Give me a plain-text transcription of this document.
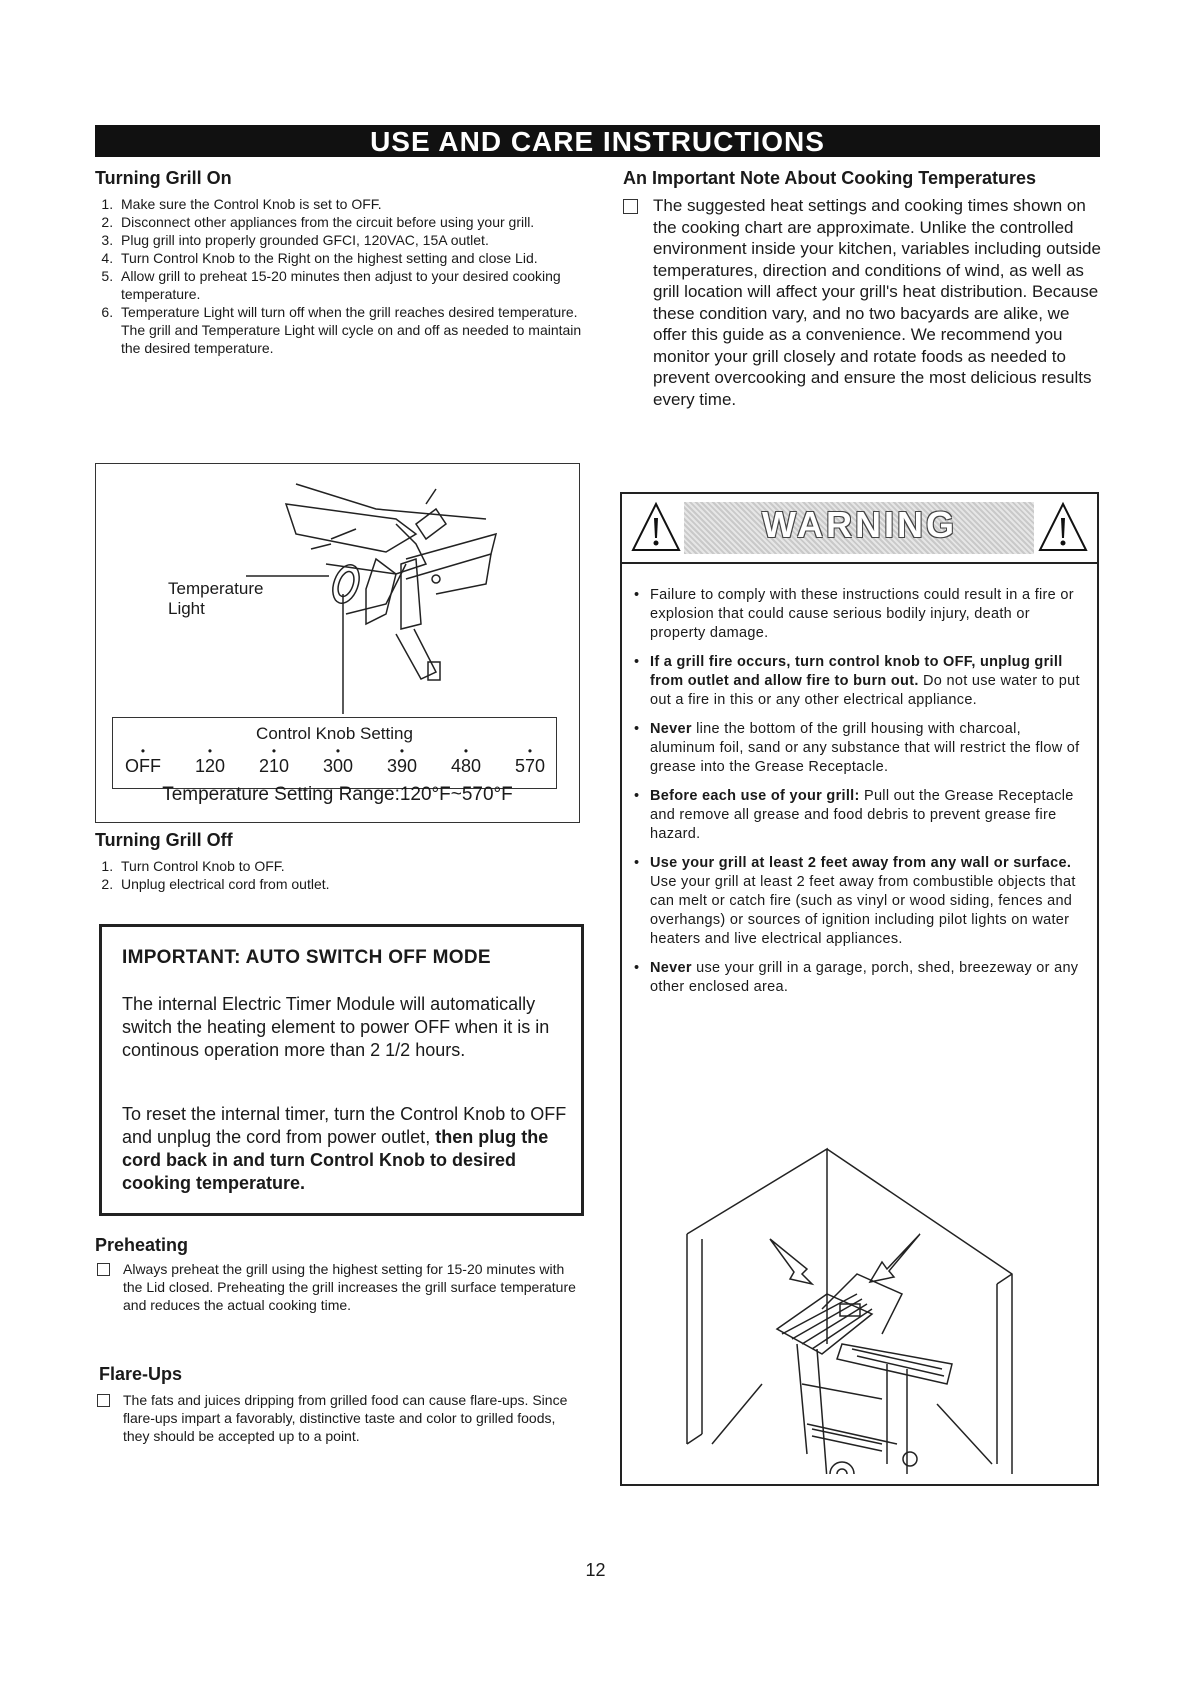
USE AND CARE INSTRUCTIONS
Turning Grill On
1. Make sure the Control Knob is set to OFF.
2. Disconnect other appliances from the circuit before using your grill.
3. Plug grill into properly grounded GFCI, 120VAC, 15A outlet.
4. Turn Control Knob to the Right on the highest setting and close Lid.
5. Allow grill to preheat 15-20 minutes then adjust to your desired cooking temperature.
6. Temperature Light will turn off when the grill reaches desired temperature. The grill and Temperature Light will cycle on and off as needed to maintain the desired temperature.
Temperature
Light
Control Knob Setting
• OFF • 120 • 210 • 300 • 390 • 480 • 570
Temperature Setting Range:120°F~570°F
Turning Grill Off
1. Turn Control Knob to OFF.
2. Unplug electrical cord from outlet.
IMPORTANT: AUTO SWITCH OFF MODE

The internal Electric Timer Module will automatically switch the heating element to power OFF when it is in continous operation more than 2 1/2 hours.

To reset the internal timer, turn the Control Knob to OFF and unplug the cord from power outlet, then plug the cord back in and turn Control Knob to desired cooking temperature.

Preheating
Always preheat the grill using the highest setting for 15-20 minutes with the Lid closed. Preheating the grill increases the grill surface temperature and reduces the actual cooking time.
Flare-Ups
The fats and juices dripping from grilled food can cause flare-ups. Since flare-ups impart a favorably, distinctive taste and color to grilled foods, they should be accepted up to a point.
An Important Note About Cooking Temperatures
The suggested heat settings and cooking times shown on the cooking chart are approximate. Unlike the controlled environment inside your kitchen, variables including outside temperatures, direction and conditions of wind, as well as grill location will affect your grill's heat distribution. Because these condition vary, and no two bacyards are alike, we offer this guide as a convenience. We recommend you monitor your grill closely and rotate foods as needed to prevent overcooking and ensure the most delicious results every time.
WARNING
• Failure to comply with these instructions could result in a fire or explosion that could cause serious bodily injury, death or property damage.
• If a grill fire occurs, turn control knob to OFF, unplug grill from outlet and allow fire to burn out. Do not use water to put out a fire in this or any other electrical appliance.
• Never line the bottom of the grill housing with charcoal, aluminum foil, sand or any substance that will restrict the flow of grease into the Grease Receptacle.
• Before each use of your grill: Pull out the Grease Receptacle and remove all grease and food debris to prevent grease fire hazard.
• Use your grill at least 2 feet away from any wall or surface. Use your grill at least 2 feet away from combustible objects that can melt or catch fire (such as vinyl or wood siding, fences and overhangs) or sources of ignition including pilot lights on water heaters and live electrical appliances.
• Never use your grill in a garage, porch, shed, breezeway or any other enclosed area.
12
